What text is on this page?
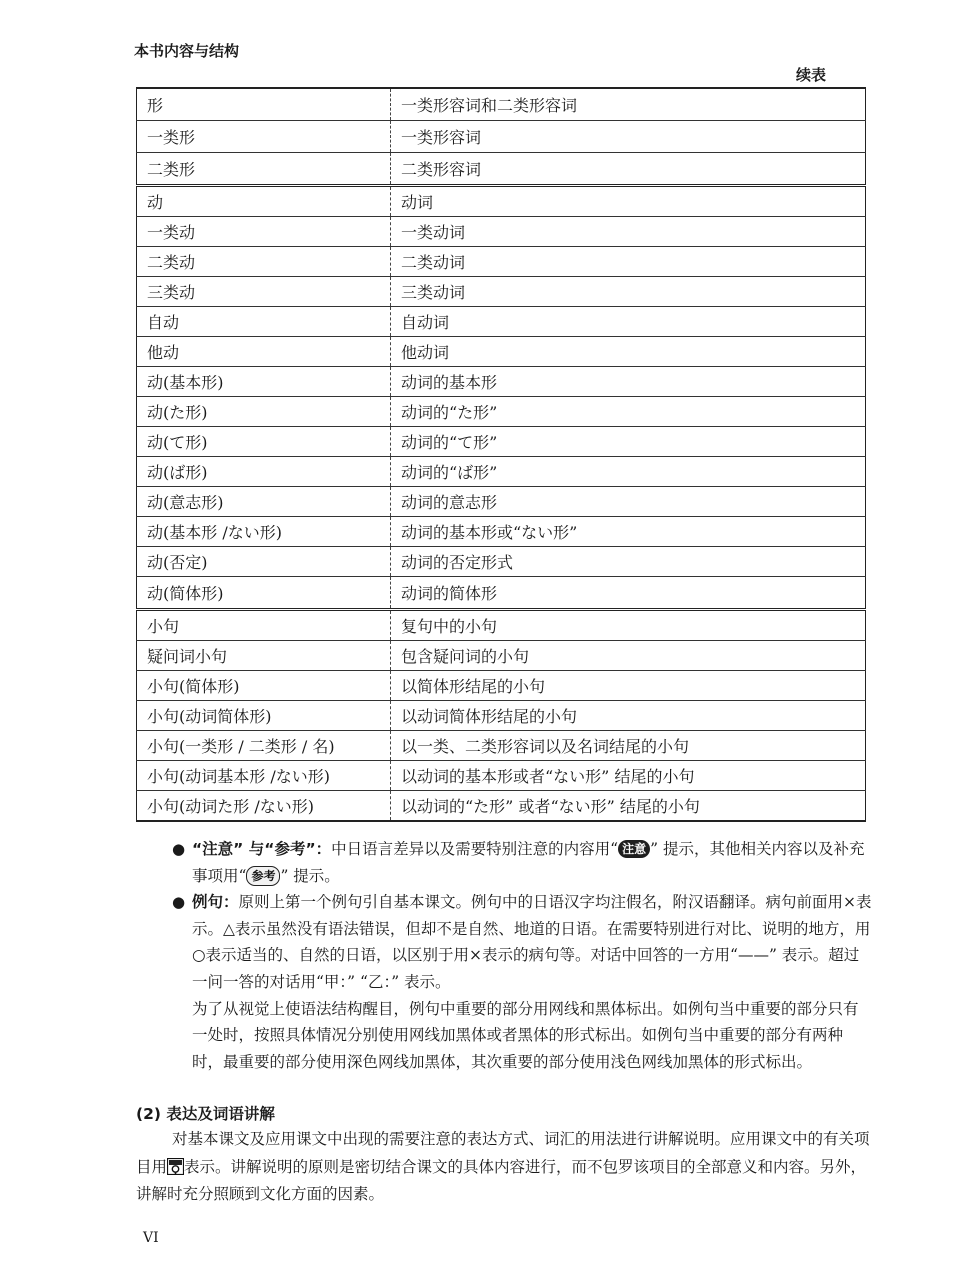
本书内容与结构
续表
形	一类形容词和二类形容词
一类形	一类形容词
二类形	二类形容词
动	动词
一类动	一类动词
二类动	二类动词
三类动	三类动词
自动	自动词
他动	他动词
动(基本形)	动词的基本形
动(た形)	动词的“た形”
动(て形)	动词的“て形”
动(ば形)	动词的“ば形”
动(意志形)	动词的意志形
动(基本形 /ない形)	动词的基本形或“ない形”
动(否定)	动词的否定形式
动(简体形)	动词的简体形
小句	复句中的小句
疑问词小句	包含疑问词的小句
小句(简体形)	以简体形结尾的小句
小句(动词简体形)	以动词简体形结尾的小句
小句(一类形 / 二类形 / 名)	以一类、二类形容词以及名词结尾的小句
小句(动词基本形 /ない形)	以动词的基本形或者“ない形” 结尾的小句
小句(动词た形 /ない形)	以动词的“た形” 或者“ない形” 结尾的小句

● “注意” 与“参考”：中日语言差异以及需要特别注意的内容用“ 注意 ” 提示，其他相关内容以及补充事项用“ 参考 ” 提示。

● 例句：原则上第一个例句引自基本课文。例句中的日语汉字均注假名，附汉语翻译。病句前面用×表示。△表示虽然没有语法错误，但却不是自然、地道的日语。在需要特别进行对比、说明的地方，用○表示适当的、自然的日语，以区别于用×表示的病句等。对话中回答的一方用“——” 表示。超过一问一答的对话用“甲：” “乙：” 表示。

为了从视觉上使语法结构醒目，例句中重要的部分用网线和黑体标出。如例句当中重要的部分只有一处时，按照具体情况分别使用网线加黑体或者黑体的形式标出。如例句当中重要的部分有两种时，最重要的部分使用深色网线加黑体，其次重要的部分使用浅色网线加黑体的形式标出。

(2) 表达及词语讲解

对基本课文及应用课文中出现的需要注意的表达方式、词汇的用法进行讲解说明。应用课文中的有关项目用 表示。讲解说明的原则是密切结合课文的具体内容进行，而不包罗该项目的全部意义和内容。另外，讲解时充分照顾到文化方面的因素。

VI
